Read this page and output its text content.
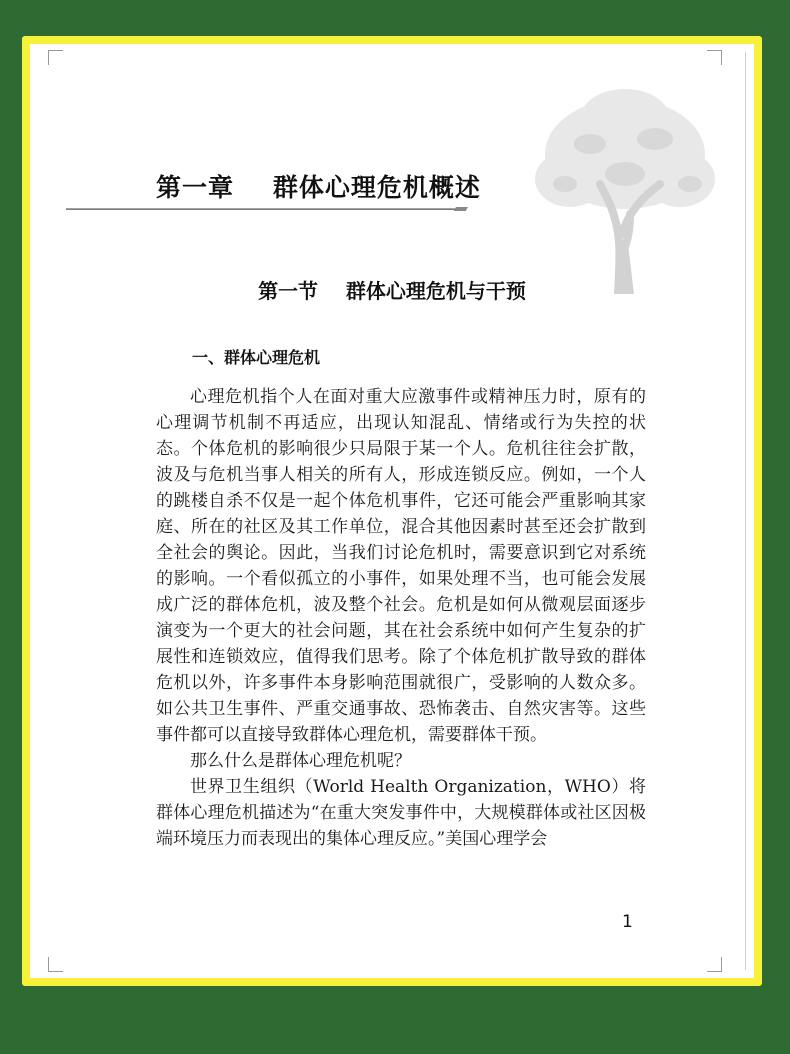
第一章    群体心理危机概述
第一节    群体心理危机与干预
一、群体心理危机

心理危机指个人在面对重大应激事件或精神压力时，原有的心理调节机制不再适应，出现认知混乱、情绪或行为失控的状态。个体危机的影响很少只局限于某一个人。危机往往会扩散，波及与危机当事人相关的所有人，形成连锁反应。例如，一个人的跳楼自杀不仅是一起个体危机事件，它还可能会严重影响其家庭、所在的社区及其工作单位，混合其他因素时甚至还会扩散到全社会的舆论。因此，当我们讨论危机时，需要意识到它对系统的影响。一个看似孤立的小事件，如果处理不当，也可能会发展成广泛的群体危机，波及整个社会。危机是如何从微观层面逐步演变为一个更大的社会问题，其在社会系统中如何产生复杂的扩展性和连锁效应，值得我们思考。除了个体危机扩散导致的群体危机以外，许多事件本身影响范围就很广，受影响的人数众多。如公共卫生事件、严重交通事故、恐怖袭击、自然灾害等。这些事件都可以直接导致群体心理危机，需要群体干预。

那么什么是群体心理危机呢？

世界卫生组织（World Health Organization，WHO）将群体心理危机描述为“在重大突发事件中，大规模群体或社区因极端环境压力而表现出的集体心理反应。”美国心理学会

1
